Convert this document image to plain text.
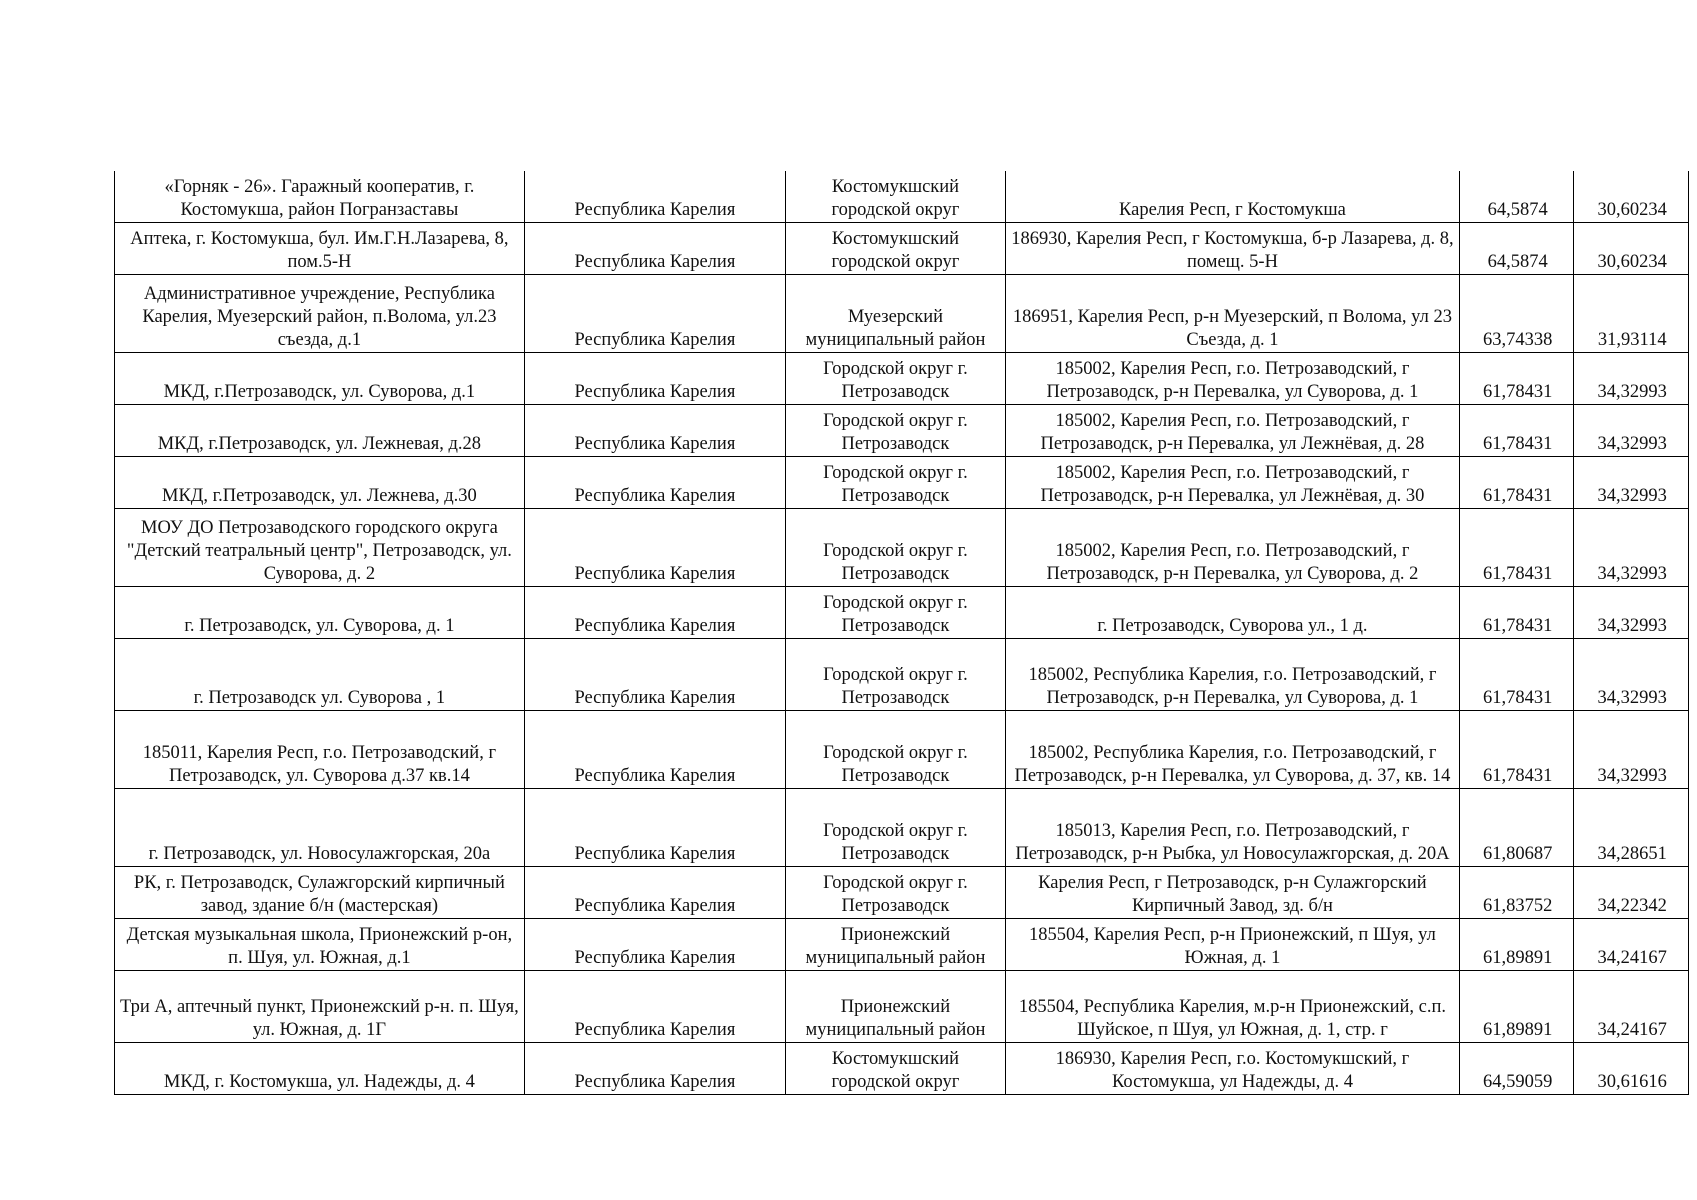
«Горняк - 26». Гаражный кооператив, г. Костомукша, район Погранзаставы	Республика Карелия	Костомукшский городской округ	Карелия Респ, г Костомукша	64,5874	30,60234
Аптека, г. Костомукша, бул. Им.Г.Н.Лазарева, 8, пом.5-Н	Республика Карелия	Костомукшский городской округ	186930, Карелия Респ, г Костомукша, б-р Лазарева, д. 8, помещ. 5-Н	64,5874	30,60234
Административное учреждение, Республика Карелия, Муезерский район, п.Волома, ул.23 съезда, д.1	Республика Карелия	Муезерский муниципальный район	186951, Карелия Респ, р-н Муезерский, п Волома, ул 23 Съезда, д. 1	63,74338	31,93114
МКД, г.Петрозаводск, ул. Суворова, д.1	Республика Карелия	Городской округ г. Петрозаводск	185002, Карелия Респ, г.о. Петрозаводский, г Петрозаводск, р-н Перевалка, ул Суворова, д. 1	61,78431	34,32993
МКД, г.Петрозаводск, ул. Лежневая, д.28	Республика Карелия	Городской округ г. Петрозаводск	185002, Карелия Респ, г.о. Петрозаводский, г Петрозаводск, р-н Перевалка, ул Лежнёвая, д. 28	61,78431	34,32993
МКД, г.Петрозаводск, ул. Лежнева, д.30	Республика Карелия	Городской округ г. Петрозаводск	185002, Карелия Респ, г.о. Петрозаводский, г Петрозаводск, р-н Перевалка, ул Лежнёвая, д. 30	61,78431	34,32993
МОУ ДО Петрозаводского городского округа "Детский театральный центр", Петрозаводск, ул. Суворова, д. 2	Республика Карелия	Городской округ г. Петрозаводск	185002, Карелия Респ, г.о. Петрозаводский, г Петрозаводск, р-н Перевалка, ул Суворова, д. 2	61,78431	34,32993
г. Петрозаводск, ул. Суворова, д. 1	Республика Карелия	Городской округ г. Петрозаводск	г. Петрозаводск, Суворова ул., 1 д.	61,78431	34,32993
г. Петрозаводск ул. Суворова , 1	Республика Карелия	Городской округ г. Петрозаводск	185002, Республика Карелия, г.о. Петрозаводский, г Петрозаводск, р-н Перевалка, ул Суворова, д. 1	61,78431	34,32993
185011, Карелия Респ, г.о. Петрозаводский, г Петрозаводск, ул. Суворова д.37 кв.14	Республика Карелия	Городской округ г. Петрозаводск	185002, Республика Карелия, г.о. Петрозаводский, г Петрозаводск, р-н Перевалка, ул Суворова, д. 37, кв. 14	61,78431	34,32993
г. Петрозаводск, ул. Новосулажгорская, 20а	Республика Карелия	Городской округ г. Петрозаводск	185013, Карелия Респ, г.о. Петрозаводский, г Петрозаводск, р-н Рыбка, ул Новосулажгорская, д. 20А	61,80687	34,28651
РК, г. Петрозаводск, Сулажгорский кирпичный завод, здание б/н (мастерская)	Республика Карелия	Городской округ г. Петрозаводск	Карелия Респ, г Петрозаводск, р-н Сулажгорский Кирпичный Завод, зд. б/н	61,83752	34,22342
Детская музыкальная школа, Прионежский р-он, п. Шуя, ул. Южная, д.1	Республика Карелия	Прионежский муниципальный район	185504, Карелия Респ, р-н Прионежский, п Шуя, ул Южная, д. 1	61,89891	34,24167
Три А, аптечный пункт, Прионежский р-н. п. Шуя, ул. Южная, д. 1Г	Республика Карелия	Прионежский муниципальный район	185504, Республика Карелия, м.р-н Прионежский, с.п. Шуйское, п Шуя, ул Южная, д. 1, стр. г	61,89891	34,24167
МКД, г. Костомукша, ул. Надежды, д. 4	Республика Карелия	Костомукшский городской округ	186930, Карелия Респ, г.о. Костомукшский, г Костомукша, ул Надежды, д. 4	64,59059	30,61616
